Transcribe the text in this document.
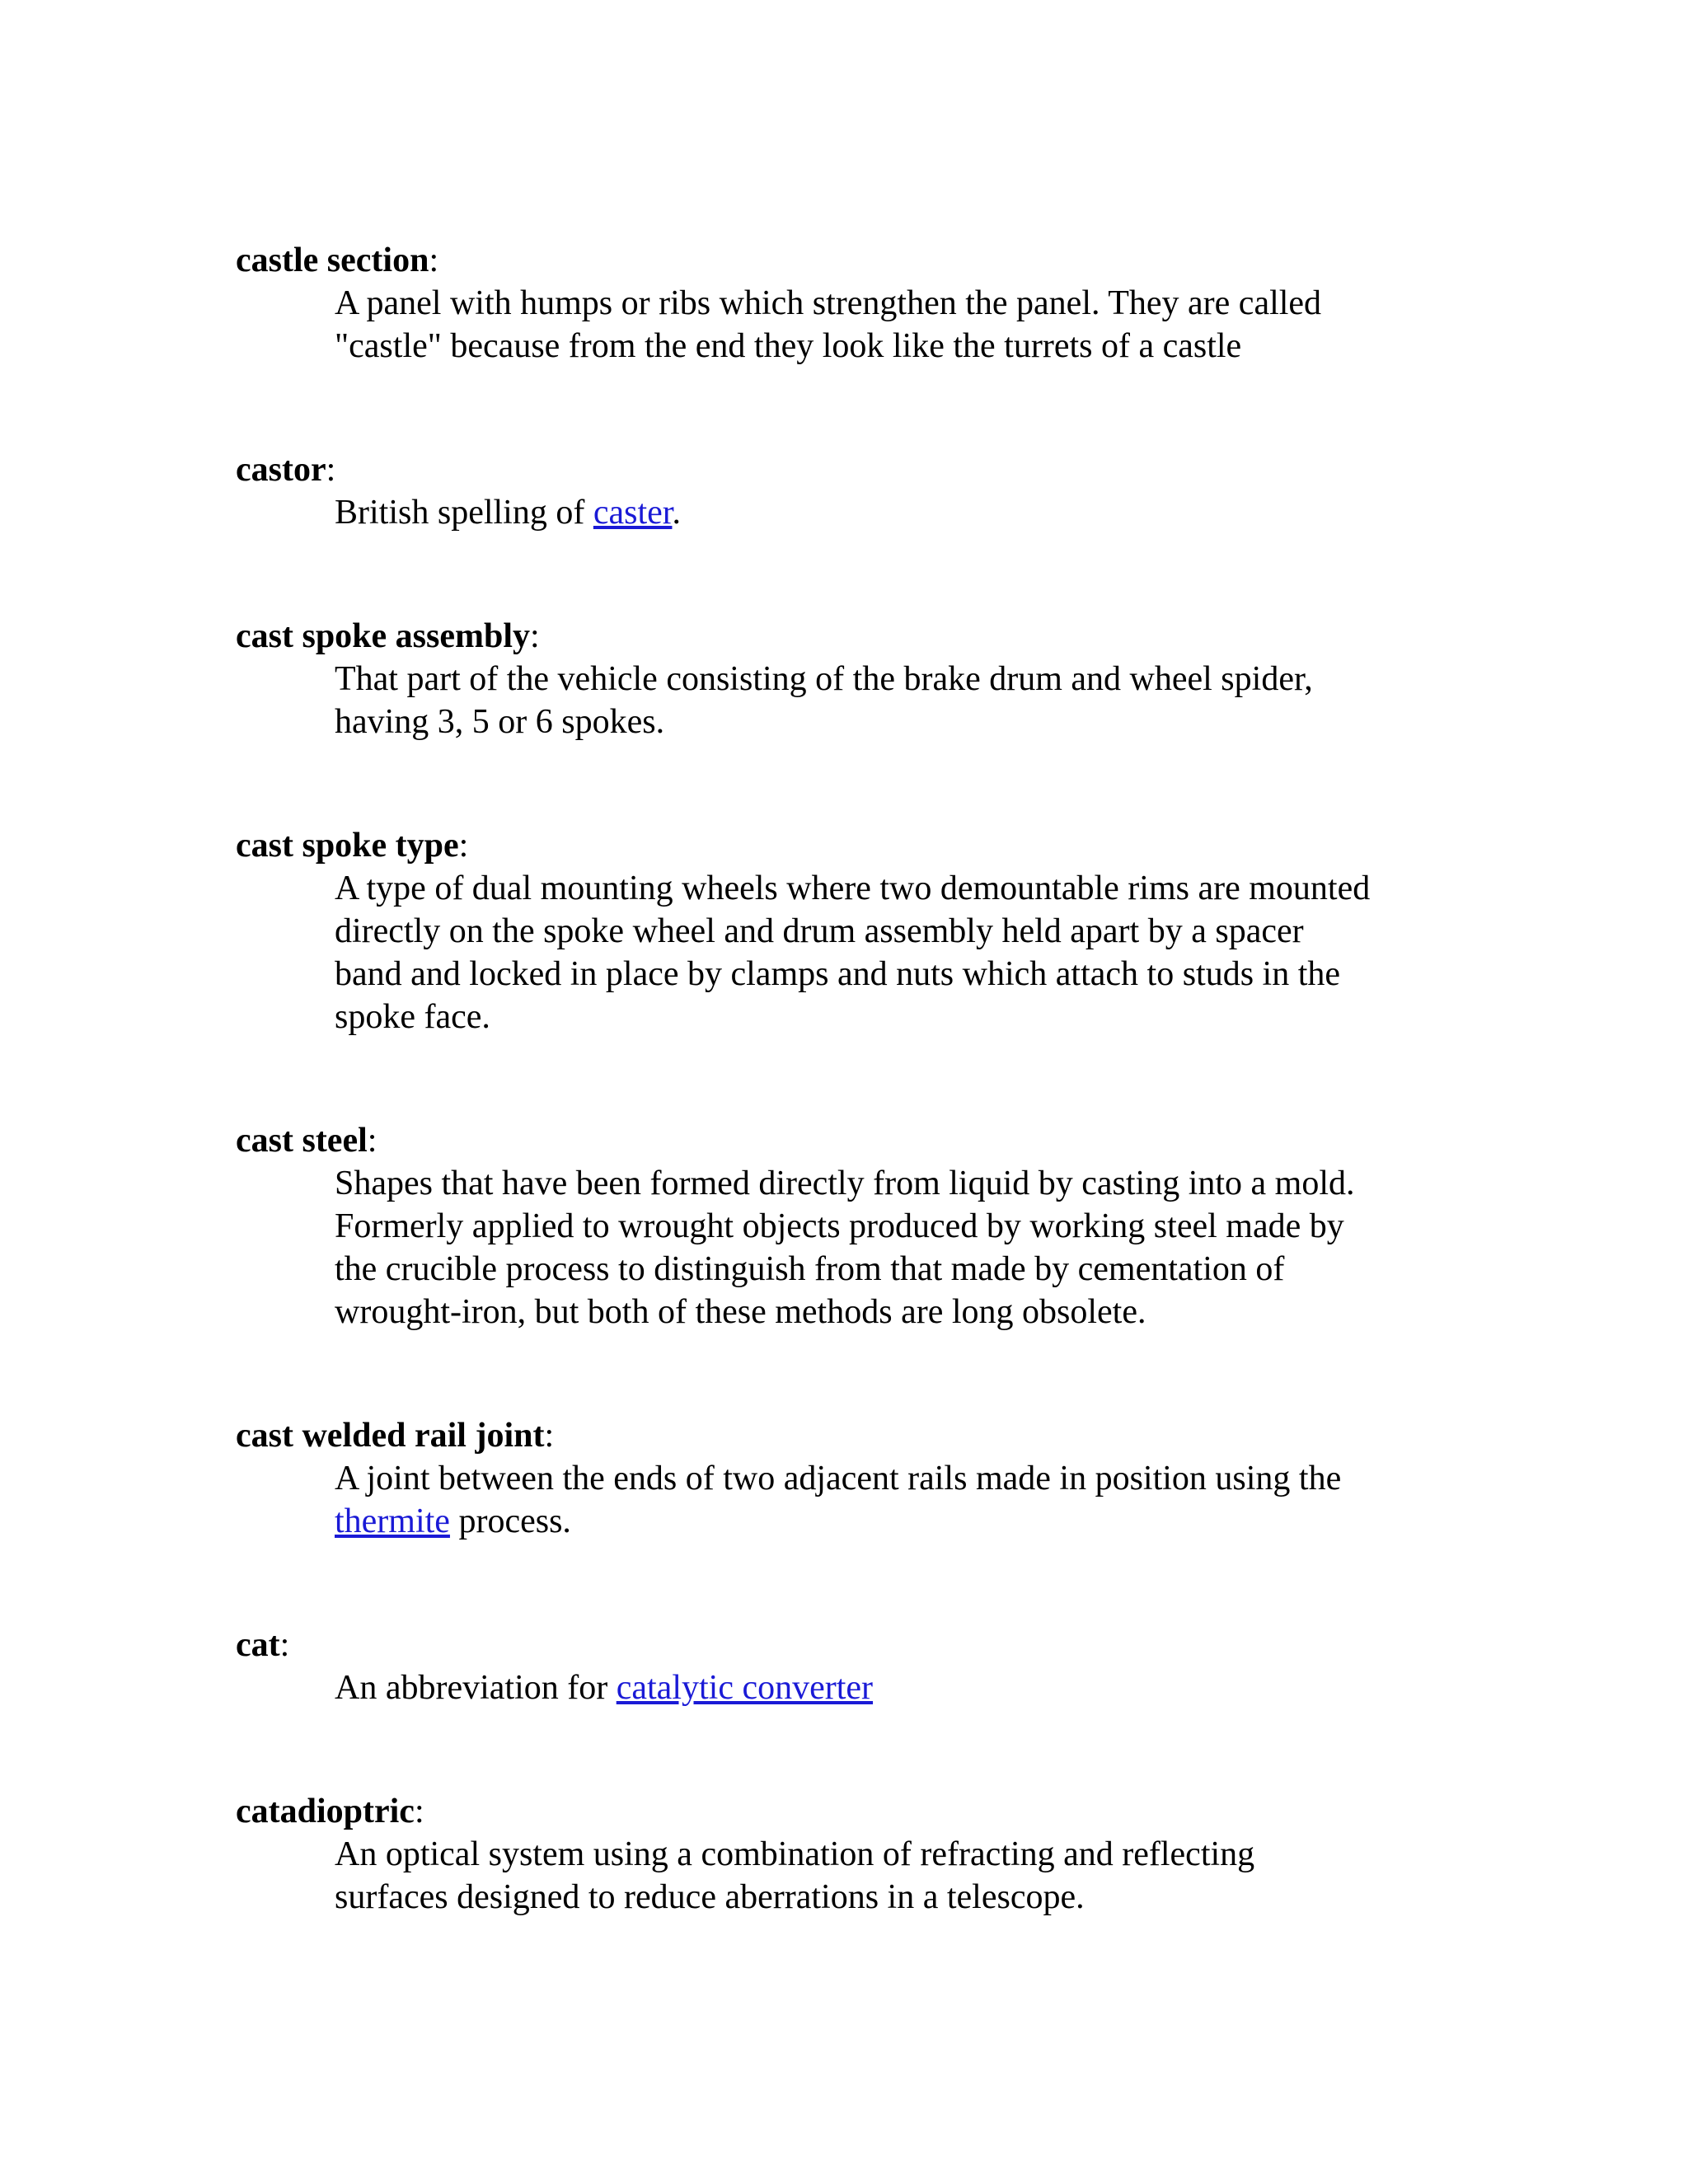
castle section:
A panel with humps or ribs which strengthen the panel. They are called
"castle" because from the end they look like the turrets of a castle
castor:
British spelling of caster.
cast spoke assembly:
That part of the vehicle consisting of the brake drum and wheel spider,
having 3, 5 or 6 spokes.
cast spoke type:
A type of dual mounting wheels where two demountable rims are mounted
directly on the spoke wheel and drum assembly held apart by a spacer
band and locked in place by clamps and nuts which attach to studs in the
spoke face.
cast steel:
Shapes that have been formed directly from liquid by casting into a mold.
Formerly applied to wrought objects produced by working steel made by
the crucible process to distinguish from that made by cementation of
wrought-iron, but both of these methods are long obsolete.
cast welded rail joint:
A joint between the ends of two adjacent rails made in position using the
thermite process.
cat:
An abbreviation for catalytic converter
catadioptric:
An optical system using a combination of refracting and reflecting
surfaces designed to reduce aberrations in a telescope.
